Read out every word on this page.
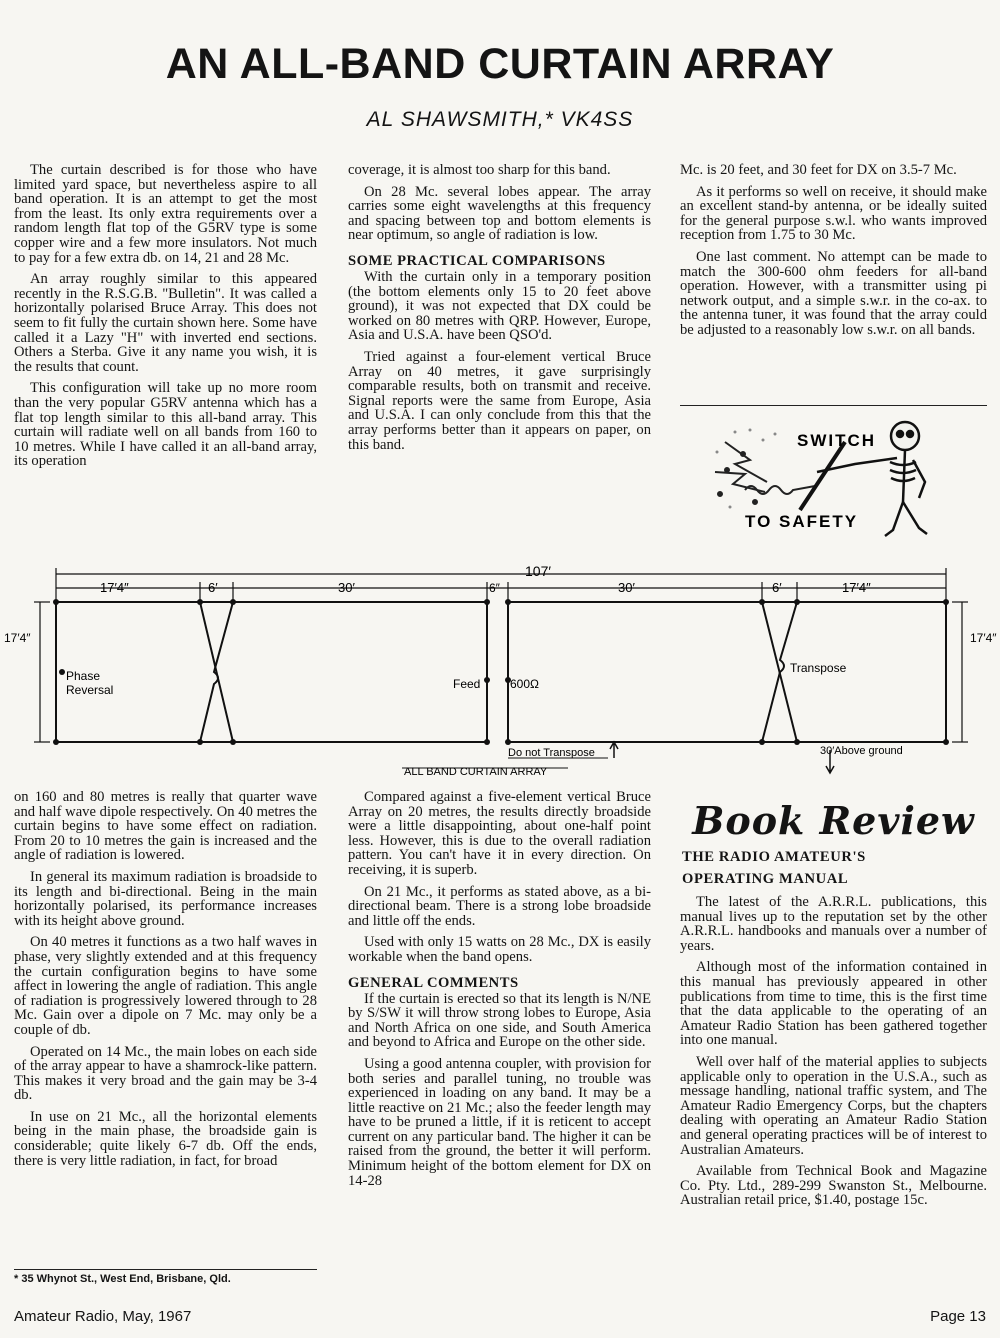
AN ALL-BAND CURTAIN ARRAY
AL SHAWSMITH,* VK4SS

The curtain described is for those who have limited yard space, but nevertheless aspire to all band operation. It is an attempt to get the most from the least. Its only extra requirements over a random length flat top of the G5RV type is some copper wire and a few more insulators. Not much to pay for a few extra db. on 14, 21 and 28 Mc.

An array roughly similar to this appeared recently in the R.S.G.B. "Bulletin". It was called a horizontally polarised Bruce Array. This does not seem to fit fully the curtain shown here. Some have called it a Lazy "H" with inverted end sections. Others a Sterba. Give it any name you wish, it is the results that count.

This configuration will take up no more room than the very popular G5RV antenna which has a flat top length similar to this all-band array. This curtain will radiate well on all bands from 160 to 10 metres. While I have called it an all-band array, its operation

coverage, it is almost too sharp for this band.

On 28 Mc. several lobes appear. The array carries some eight wavelengths at this frequency and spacing between top and bottom elements is near optimum, so angle of radiation is low.

SOME PRACTICAL COMPARISONS

With the curtain only in a temporary position (the bottom elements only 15 to 20 feet above ground), it was not expected that DX could be worked on 80 metres with QRP. However, Europe, Asia and U.S.A. have been QSO'd.

Tried against a four-element vertical Bruce Array on 40 metres, it gave surprisingly comparable results, both on transmit and receive. Signal reports were the same from Europe, Asia and U.S.A. I can only conclude from this that the array performs better than it appears on paper, on this band.

Mc. is 20 feet, and 30 feet for DX on 3.5-7 Mc.

As it performs so well on receive, it should make an excellent stand-by antenna, or be ideally suited for the general purpose s.w.l. who wants improved reception from 1.75 to 30 Mc.

One last comment. No attempt can be made to match the 300-600 ohm feeders for all-band operation. However, with a transmitter using pi network output, and a simple s.w.r. in the co-ax. to the antenna tuner, it was found that the array could be adjusted to a reasonably low s.w.r. on all bands.

SWITCH
TO SAFETY
107′
17′4″	6′	30′	6″	30′	6′	17′4″
17′4″	17′4″
Phase
Reversal	Feed 600Ω
Transpose
Do not Transpose	30′Above ground
ALL BAND CURTAIN ARRAY

on 160 and 80 metres is really that quarter wave and half wave dipole respectively. On 40 metres the curtain begins to have some effect on radiation. From 20 to 10 metres the gain is increased and the angle of radiation is lowered.

In general its maximum radiation is broadside to its length and bi-directional. Being in the main horizontally polarised, its performance increases with its height above ground.

On 40 metres it functions as a two half waves in phase, very slightly extended and at this frequency the curtain configuration begins to have some affect in lowering the angle of radiation. This angle of radiation is progressively lowered through to 28 Mc. Gain over a dipole on 7 Mc. may only be a couple of db.

Operated on 14 Mc., the main lobes on each side of the array appear to have a shamrock-like pattern. This makes it very broad and the gain may be 3-4 db.

In use on 21 Mc., all the horizontal elements being in the main phase, the broadside gain is considerable; quite likely 6-7 db. Off the ends, there is very little radiation, in fact, for broad

* 35 Whynot St., West End, Brisbane, Qld.

Compared against a five-element vertical Bruce Array on 20 metres, the results directly broadside were a little disappointing, about one-half point less. However, this is due to the overall radiation pattern. You can't have it in every direction. On receiving, it is superb.

On 21 Mc., it performs as stated above, as a bi-directional beam. There is a strong lobe broadside and little off the ends.

Used with only 15 watts on 28 Mc., DX is easily workable when the band opens.

GENERAL COMMENTS

If the curtain is erected so that its length is N/NE by S/SW it will throw strong lobes to Europe, Asia and North Africa on one side, and South America and beyond to Africa and Europe on the other side.

Using a good antenna coupler, with provision for both series and parallel tuning, no trouble was experienced in loading on any band. It may be a little reactive on 21 Mc.; also the feeder length may have to be pruned a little, if it is reticent to accept current on any particular band. The higher it can be raised from the ground, the better it will perform. Minimum height of the bottom element for DX on 14-28

Book Review
THE RADIO AMATEUR'S
OPERATING MANUAL

The latest of the A.R.R.L. publications, this manual lives up to the reputation set by the other A.R.R.L. handbooks and manuals over a number of years.

Although most of the information contained in this manual has previously appeared in other publications from time to time, this is the first time that the data applicable to the operating of an Amateur Radio Station has been gathered together into one manual.

Well over half of the material applies to subjects applicable only to operation in the U.S.A., such as message handling, national traffic system, and The Amateur Radio Emergency Corps, but the chapters dealing with operating an Amateur Radio Station and general operating practices will be of interest to Australian Amateurs.

Available from Technical Book and Magazine Co. Pty. Ltd., 289-299 Swanston St., Melbourne. Australian retail price, $1.40, postage 15c.

Amateur Radio, May, 1967	Page 13
